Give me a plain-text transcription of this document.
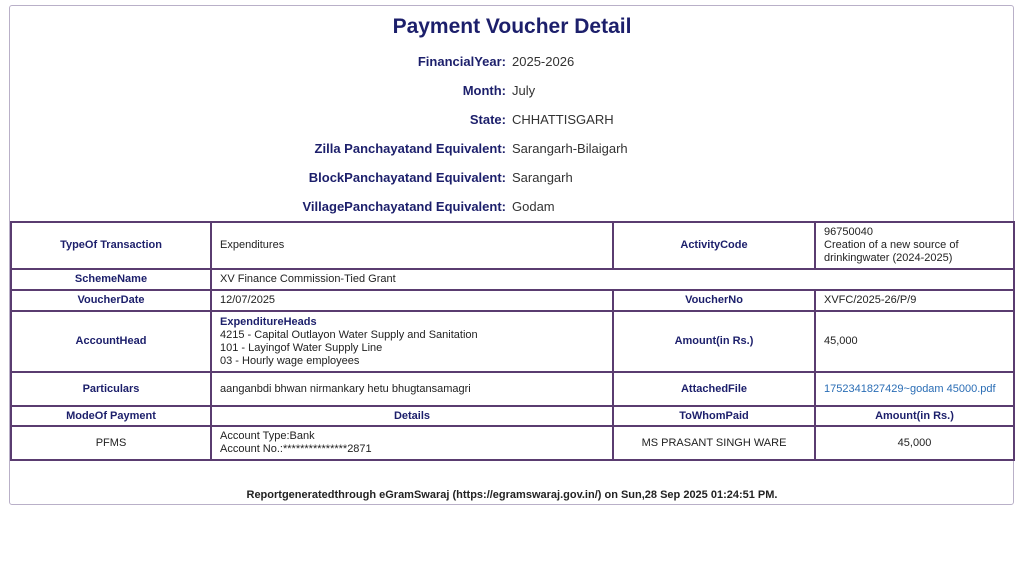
Payment Voucher Detail
FinancialYear: 2025-2026
Month: July
State: CHHATTISGARH
Zilla Panchayatand Equivalent: Sarangarh-Bilaigarh
BlockPanchayatand Equivalent: Sarangarh
VillagePanchayatand Equivalent: Godam
TypeOf Transaction	Expenditures	ActivityCode	96750040
Creation of a new source of drinkingwater (2024-2025)

SchemeName	XV Finance Commission-Tied Grant		
VoucherDate	12/07/2025	VoucherNo	XVFC/2025-26/P/9
AccountHead	ExpenditureHeads
4215 - Capital Outlayon Water Supply and Sanitation
101 - Layingof Water Supply Line
03 - Hourly wage employees	Amount(in Rs.)	45,000
Particulars	aanganbdi bhwan nirmankary hetu bhugtansamagri	AttachedFile	1752341827429~godam 45000.pdf
ModeOf Payment	Details	ToWhomPaid	Amount(in Rs.)
PFMS	Account Type:Bank
Account No.:***************2871	MS PRASANT SINGH WARE	45,000
Reportgeneratedthrough eGramSwaraj (https://egramswaraj.gov.in/) on Sun,28 Sep 2025 01:24:51 PM.
